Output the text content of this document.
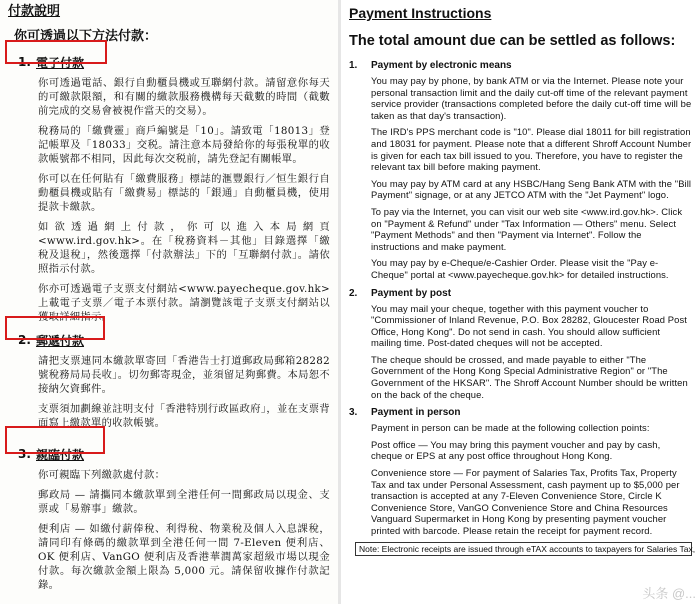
付款說明

你可透過以下方法付款：

1. 電子付款

你可透過電話、銀行自動櫃員機或互聯網付款。請留意你每天的可繳款限額，和有關的繳款服務機構每天截數的時間（截數前完成的交易會被視作當天的交易）。

稅務局的「繳費靈」商戶編號是「10」。請致電「18013」登記帳單及「18033」交税。請注意本局發給你的每張稅單的收款帳號都不相同，因此每次交税前，請先登記有關帳單。

你可以在任何貼有「繳費服務」標誌的滙豐銀行／恒生銀行自動櫃員機或貼有「繳費易」標誌的「銀通」自動櫃員機，使用提款卡繳款。

如欲透過網上付款，你可以進入本局網頁<www.ird.gov.hk>。在「稅務資料－其他」目錄選擇「繳稅及退稅」，然後選擇「付款辦法」下的「互聯網付款」。請依照指示付款。

你亦可透過電子支票支付網站<www.payecheque.gov.hk>上載電子支票／電子本票付款。請瀏覽該電子支票支付網站以獲取詳細指示。

2. 郵遞付款

請把支票連同本繳款單寄回「香港告士打道郵政局郵箱28282號稅務局局長收」。切勿郵寄現金，並須留足夠郵費。本局恕不接納欠資郵件。

支票須加劃線並註明支付「香港特別行政區政府」，並在支票背面寫上繳款單的收款帳號。

3. 親臨付款

你可親臨下列繳款處付款：

郵政局 — 請攜同本繳款單到全港任何一間郵政局以現金、支票或「易辦事」繳款。

便利店 — 如繳付薪俸稅、利得稅、物業稅及個人入息課稅，請同印有條碼的繳款單到全港任何一間 7-Eleven 便利店、OK 便利店、VanGO 便利店及香港華潤萬家超級市場以現金付款。每次繳款金額上限為 5,000 元。請保留收據作付款記錄。

Payment Instructions

The total amount due can be settled as follows:

1.	Payment by electronic means

You may pay by phone, by bank ATM or via the Internet. Please note your personal transaction limit and the daily cut-off time of the relevant payment service provider (transactions completed before the daily cut-off time will be taken as that day's transaction).

The IRD's PPS merchant code is "10". Please dial 18011 for bill registration and 18031 for payment. Please note that a different Shroff Account Number is given for each tax bill issued to you. Therefore, you have to register the relevant tax bill before making payment.

You may pay by ATM card at any HSBC/Hang Seng Bank ATM with the "Bill Payment" signage, or at any JETCO ATM with the "Jet Payment" logo.

To pay via the Internet, you can visit our web site <www.ird.gov.hk>. Click on "Payment & Refund" under "Tax Information — Others" menu. Select "Payment Methods" and then "Payment via Internet". Follow the instructions and make payment.

You may pay by e-Cheque/e-Cashier Order. Please visit the "Pay e-Cheque" portal at <www.payecheque.gov.hk> for detailed instructions.

2.	Payment by post

You may mail your cheque, together with this payment voucher to "Commissioner of Inland Revenue, P.O. Box 28282, Gloucester Road Post Office, Hong Kong". Do not send in cash. You should allow sufficient mailing time. Post-dated cheques will not be accepted.

The cheque should be crossed, and made payable to either "The Government of the Hong Kong Special Administrative Region" or "The Government of the HKSAR". The Shroff Account Number should be written on the back of the cheque.

3.	Payment in person

Payment in person can be made at the following collection points:

Post office — You may bring this payment voucher and pay by cash, cheque or EPS at any post office throughout Hong Kong.

Convenience store — For payment of Salaries Tax, Profits Tax, Property Tax and tax under Personal Assessment, cash payment up to $5,000 per transaction is accepted at any 7-Eleven Convenience Store, Circle K Convenience Store, VanGO Convenience Store and China Resources Vanguard Supermarket in Hong Kong by presenting payment voucher printed with barcode. Please retain the receipt for payment record.

Note: Electronic receipts are issued through eTAX accounts to taxpayers for Salaries Tax,
头条 @...
